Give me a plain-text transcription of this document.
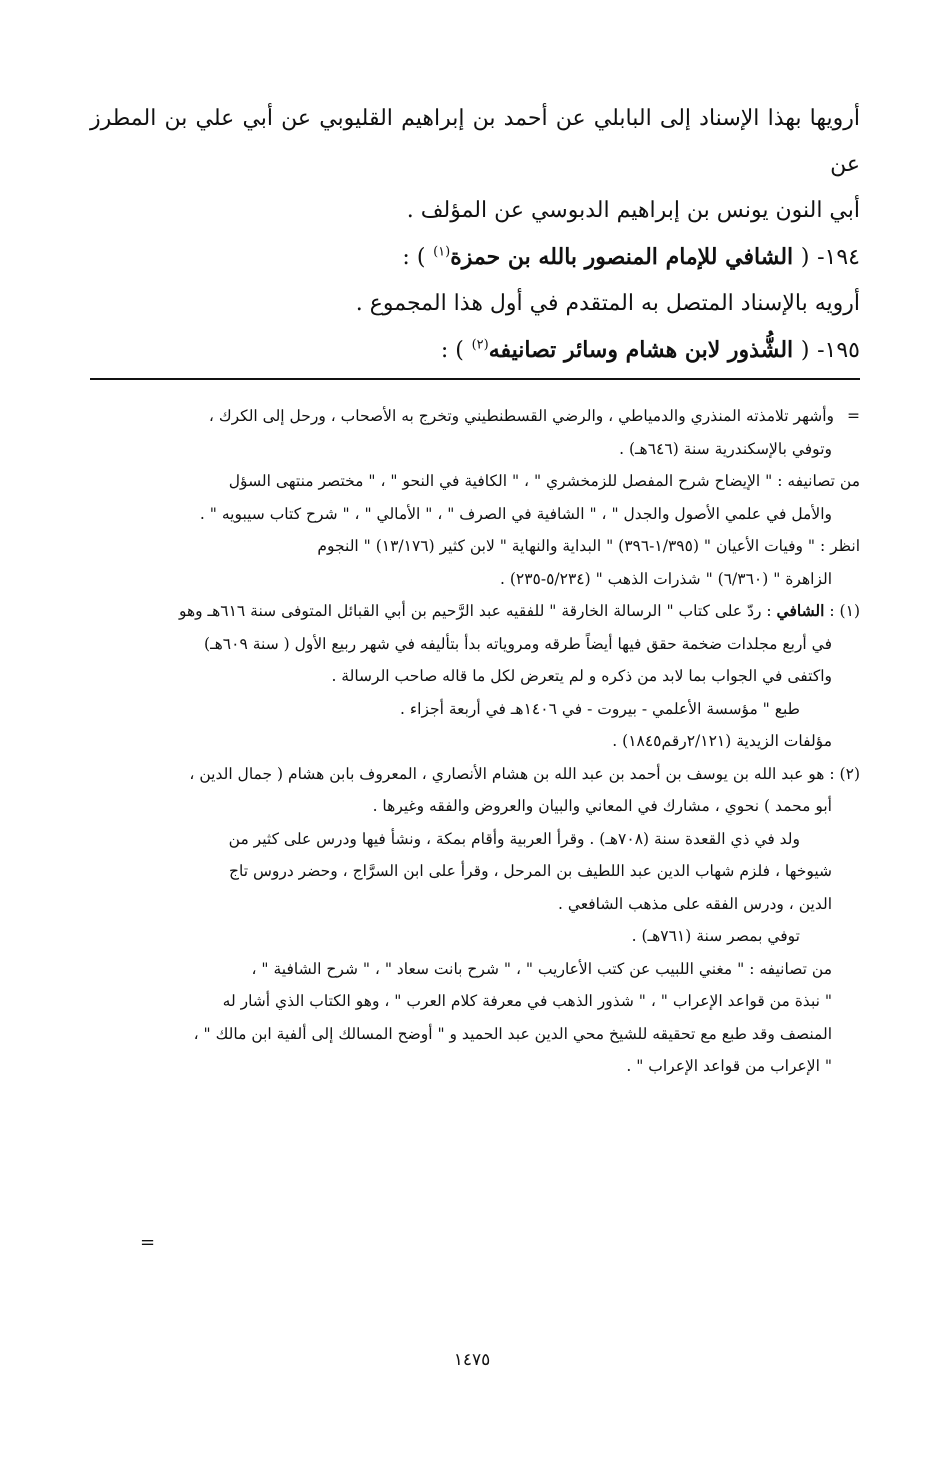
أرويها بهذا الإسناد إلى البابلي عن أحمد بن إبراهيم القليوبي عن أبي علي بن المطرز عن

أبي النون يونس بن إبراهيم الدبوسي عن المؤلف .

١٩٤- ( الشافي للإمام المنصور بالله بن حمزة$^{(١)}$ ) :

أرويه بالإسناد المتصل به المتقدم في أول هذا المجموع .

١٩٥- ( الشُّذور لابن هشام وسائر تصانيفه$^{(٢)}$ ) :

=وأشهر تلامذته المنذري والدمياطي ، والرضي القسطنطيني وتخرج به الأصحاب ، ورحل إلى الكرك ،

وتوفي بالإسكندرية سنة (٦٤٦هـ) .

من تصانيفه : " الإيضاح شرح المفصل للزمخشري " ، " الكافية في النحو " ، " مختصر منتهى السؤل

والأمل في علمي الأصول والجدل " ، " الشافية في الصرف " ، " الأمالي " ، " شرح كتاب سيبويه " .

انظر : " وفيات الأعيان " (١/٣٩٥-٣٩٦) " البداية والنهاية " لابن كثير (١٣/١٧٦) " النجوم

الزاهرة " (٦/٣٦٠) " شذرات الذهب " (٥/٢٣٤-٢٣٥) .

(١) : الشافي : ردّ على كتاب " الرسالة الخارقة " للفقيه عبد الرَّحيم بن أبي القبائل المتوفى سنة ٦١٦هـ وهو

في أربع مجلدات ضخمة حقق فيها أيضاً طرقه ومروياته بدأ بتأليفه في شهر ربيع الأول ( سنة ٦٠٩هـ)

واكتفى في الجواب بما لابد من ذكره و لم يتعرض لكل ما قاله صاحب الرسالة .

طبع " مؤسسة الأعلمي - بيروت - في ١٤٠٦هـ في أربعة أجزاء .

مؤلفات الزيدية (٢/١٢١رقم١٨٤٥) .

(٢) : هو عبد الله بن يوسف بن أحمد بن عبد الله بن هشام الأنصاري ، المعروف بابن هشام ( جمال الدين ،

أبو محمد ) نحوي ، مشارك في المعاني والبيان والعروض والفقه وغيرها .

ولد في ذي القعدة سنة (٧٠٨هـ) . وقرأ العربية وأقام بمكة ، ونشأ فيها ودرس على كثير من

شيوخها ، فلزم شهاب الدين عبد اللطيف بن المرحل ، وقرأ على ابن السرَّاج ، وحضر دروس تاج

الدين ، ودرس الفقه على مذهب الشافعي .

توفي بمصر سنة (٧٦١هـ) .

من تصانيفه : " مغني اللبيب عن كتب الأعاريب " ، " شرح بانت سعاد " ، " شرح الشافية " ،

" نبذة من قواعد الإعراب " ، " شذور الذهب في معرفة كلام العرب " ، وهو الكتاب الذي أشار له

المنصف وقد طبع مع تحقيقه للشيخ محي الدين عبد الحميد و " أوضح المسالك إلى ألفية ابن مالك " ،

" الإعراب من قواعد الإعراب " .

=
١٤٧٥
